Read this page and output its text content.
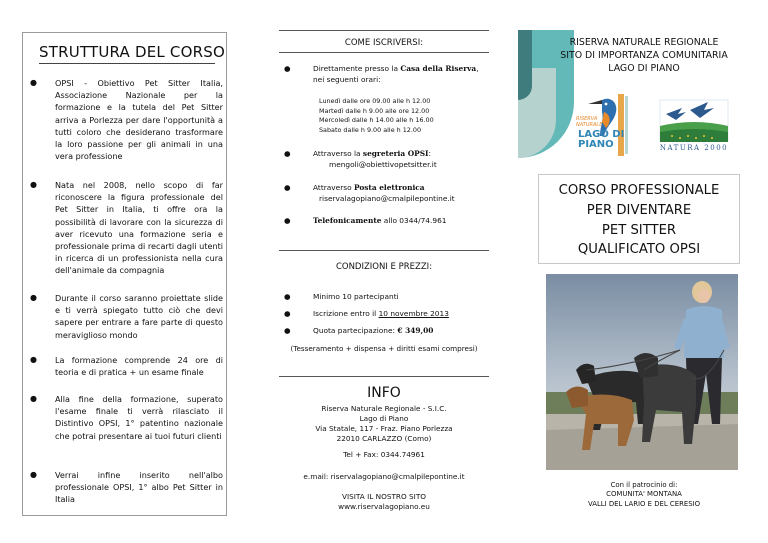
STRUTTURA DEL CORSO
● OPSI - Obiettivo Pet Sitter Italia, Associazione Nazionale per la formazione e la tutela del Pet Sitter arriva a Porlezza per dare l'opportunità a tutti coloro che desiderano trasformare la loro passione per gli animali in una vera professione
● Nata nel 2008, nello scopo di far riconoscere la figura professionale del Pet Sitter in Italia, ti offre ora la possibilità di lavorare con la sicurezza di aver ricevuto una formazione seria e professionale prima di recarti dagli utenti in ricerca di un professionista nella cura dell'animale da compagnia
● Durante il corso saranno proiettate slide e ti verrà spiegato tutto ciò che devi sapere per entrare a fare parte di questo meraviglioso mondo
● La formazione comprende 24 ore di teoria e di pratica + un esame finale
● Alla fine della formazione, superato l'esame finale ti verrà rilasciato il Distintivo OPSI, 1° patentino nazionale che potrai presentare ai tuoi futuri clienti
● Verrai infine inserito nell'albo professionale OPSI, 1° albo Pet Sitter in Italia
COME ISCRIVERSI:
●	Direttamente presso la Casa della Riserva, nei seguenti orari:
Lunedì dalle ore 09.00 alle h 12.00
Martedì dalle h 9.00 alle ore 12.00
Mercoledì dalle h 14.00 alle h 16.00
Sabato dalle h 9.00 alle h 12.00
●	Attraverso la segreteria OPSI:
mengoli@obiettivopetsitter.it
●	Attraverso Posta elettronica
riservalagopiano@cmalpilepontine.it
●	Telefonicamente allo 0344/74.961
CONDIZIONI E PREZZI:
●	Minimo 10 partecipanti
●	Iscrizione entro il 10 novembre 2013
●	Quota partecipazione: € 349,00
(Tesseramento + dispensa + diritti esami compresi)
INFO
Riserva Naturale Regionale - S.I.C.
Lago di Piano
Via Statale, 117 - Fraz. Piano Porlezza
22010 CARLAZZO (Como)
Tel + Fax: 0344.74961
e.mail: riservalagopiano@cmalpilepontine.it
VISITA IL NOSTRO SITO
www.riservalagopiano.eu
RISERVA NATURALE REGIONALE
SITO DI IMPORTANZA COMUNITARIA
LAGO DI PIANO
RISERVA
NATURALE
LAGO DI
PIANO	NATURA 2000
CORSO PROFESSIONALE
PER DIVENTARE
PET SITTER
QUALIFICATO OPSI
Con il patrocinio di:
COMUNITA' MONTANA
VALLI DEL LARIO E DEL CERESIO
